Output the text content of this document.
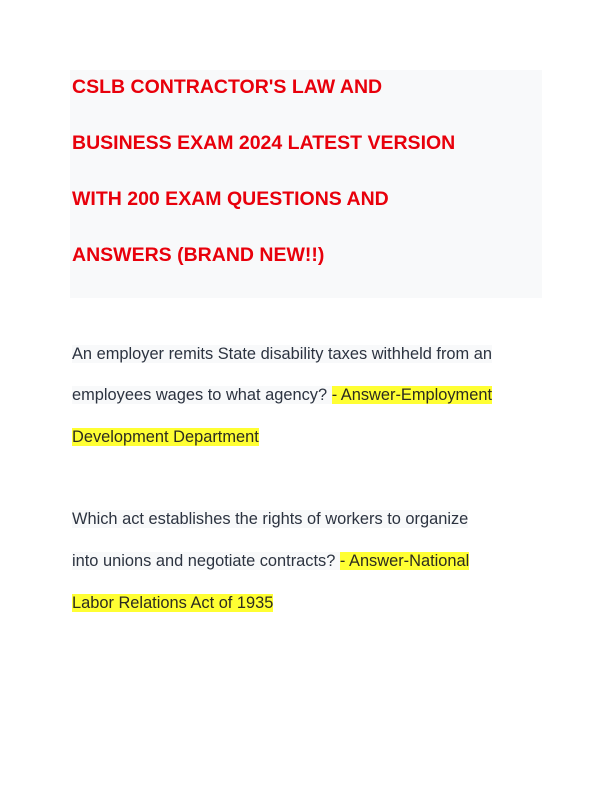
CSLB CONTRACTOR'S LAW AND

BUSINESS EXAM 2024 LATEST VERSION

WITH 200 EXAM QUESTIONS AND

ANSWERS (BRAND NEW!!)

An employer remits State disability taxes withheld from an

employees wages to what agency? - Answer-Employment

Development Department

Which act establishes the rights of workers to organize

into unions and negotiate contracts? - Answer-National

Labor Relations Act of 1935
